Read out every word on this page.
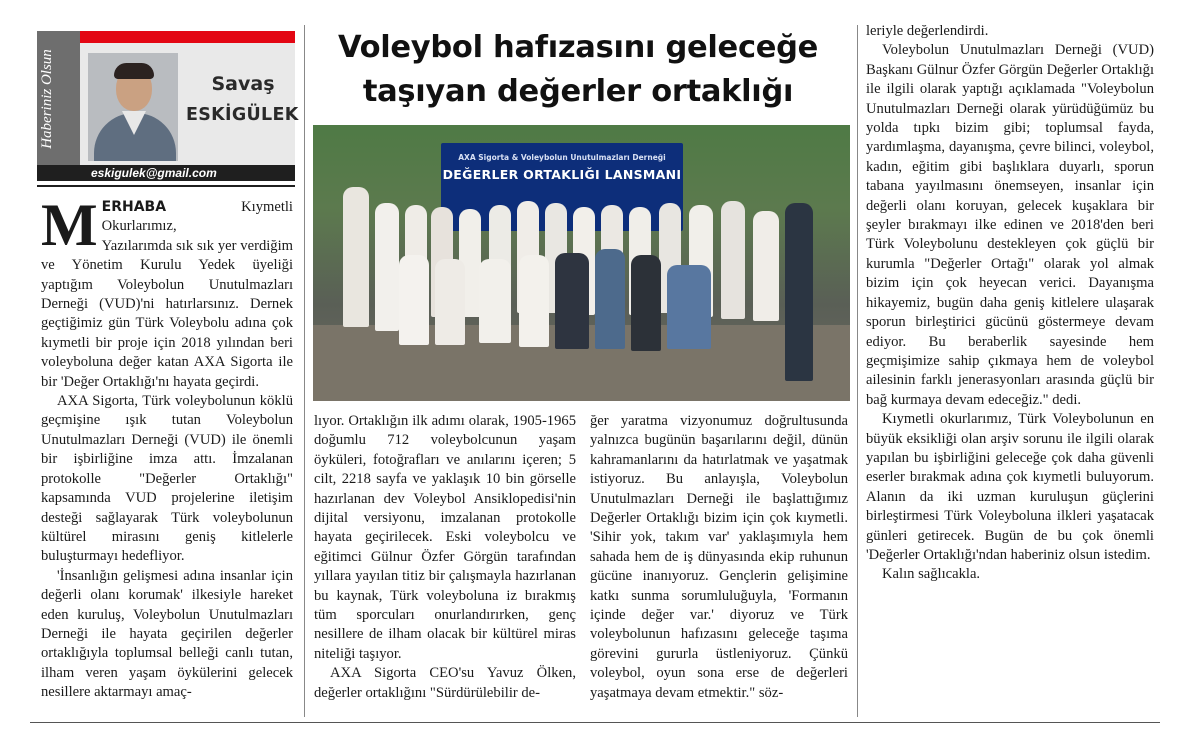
Haberiniz Olsun	Savaş
ESKİGÜLEK
eskigulek@gmail.com
Voleybol hafızasını geleceğe
taşıyan değerler ortaklığı
AXA Sigorta & Voleybolun Unutulmazları Derneği
DEĞERLER ORTAKLIĞI LANSMANI

MERHABA Kıymetli Okurlarımız,

Yazılarımda sık sık yer verdiğim ve Yönetim Kurulu Yedek üyeliği yaptığım Voleybolun Unutulmazları Derneği (VUD)'ni hatırlarsınız. Dernek geçtiğimiz gün Türk Voleybolu adına çok kıymetli bir proje için 2018 yılından beri voleyboluna değer katan AXA Sigorta ile bir 'Değer Ortaklığı'nı hayata geçirdi.

AXA Sigorta, Türk voleybolunun köklü geçmişine ışık tutan Voleybolun Unutulmazları Derneği (VUD) ile önemli bir işbirliğine imza attı. İmzalanan protokolle "Değerler Ortaklığı" kapsamında VUD projelerine iletişim desteği sağlayarak Türk voleybolunun kültürel mirasını geniş kitlelerle buluşturmayı hedefliyor.

'İnsanlığın gelişmesi adına insanlar için değerli olanı korumak' ilkesiyle hareket eden kuruluş, Voleybolun Unutulmazları Derneği ile hayata geçirilen değerler ortaklığıyla toplumsal belleği canlı tutan, ilham veren yaşam öykülerini gelecek nesillere aktarmayı amaç-

lıyor. Ortaklığın ilk adımı olarak, 1905-1965 doğumlu 712 voleybolcunun yaşam öyküleri, fotoğrafları ve anılarını içeren; 5 cilt, 2218 sayfa ve yaklaşık 10 bin görselle hazırlanan dev Voleybol Ansiklopedisi'nin dijital versiyonu, imzalanan protokolle hayata geçirilecek. Eski voleybolcu ve eğitimci Gülnur Özfer Görgün tarafından yıllara yayılan titiz bir çalışmayla hazırlanan bu kaynak, Türk voleyboluna iz bırakmış tüm sporcuları onurlandırırken, genç nesillere de ilham olacak bir kültürel miras niteliği taşıyor.

AXA Sigorta CEO'su Yavuz Ölken, değerler ortaklığını "Sürdürülebilir de-

ğer yaratma vizyonumuz doğrultusunda yalnızca bugünün başarılarını değil, dünün kahramanlarını da hatırlatmak ve yaşatmak istiyoruz. Bu anlayışla, Voleybolun Unutulmazları Derneği ile başlattığımız Değerler Ortaklığı bizim için çok kıymetli. 'Sihir yok, takım var' yaklaşımıyla hem sahada hem de iş dünyasında ekip ruhunun gücüne inanıyoruz. Gençlerin gelişimine katkı sunma sorumluluğuyla, 'Formanın içinde değer var.' diyoruz ve Türk voleybolunun hafızasını geleceğe taşıma görevini gururla üstleniyoruz. Çünkü voleybol, oyun sona erse de değerleri yaşatmaya devam etmektir." söz-

leriyle değerlendirdi.

Voleybolun Unutulmazları Derneği (VUD) Başkanı Gülnur Özfer Görgün Değerler Ortaklığı ile ilgili olarak yaptığı açıklamada "Voleybolun Unutulmazları Derneği olarak yürüdüğümüz bu yolda tıpkı bizim gibi; toplumsal fayda, yardımlaşma, dayanışma, çevre bilinci, voleybol, kadın, eğitim gibi başlıklara duyarlı, sporun tabana yayılmasını önemseyen, insanlar için değerli olanı koruyan, gelecek kuşaklara bir şeyler bırakmayı ilke edinen ve 2018'den beri Türk Voleybolunu destekleyen çok güçlü bir kurumla "Değerler Ortağı" olarak yol almak bizim için çok heyecan verici. Dayanışma hikayemiz, bugün daha geniş kitlelere ulaşarak sporun birleştirici gücünü göstermeye devam ediyor. Bu beraberlik sayesinde hem geçmişimize sahip çıkmaya hem de voleybol ailesinin farklı jenerasyonları arasında güçlü bir bağ kurmaya devam edeceğiz." dedi.

Kıymetli okurlarımız, Türk Voleybolunun en büyük eksikliği olan arşiv sorunu ile ilgili olarak yapılan bu işbirliğini geleceğe çok daha güvenli eserler bırakmak adına çok kıymetli buluyorum. Alanın da iki uzman kuruluşun güçlerini birleştirmesi Türk Voleyboluna ilkleri yaşatacak günleri getirecek. Bugün de bu çok önemli 'Değerler Ortaklığı'ndan haberiniz olsun istedim.

Kalın sağlıcakla.
